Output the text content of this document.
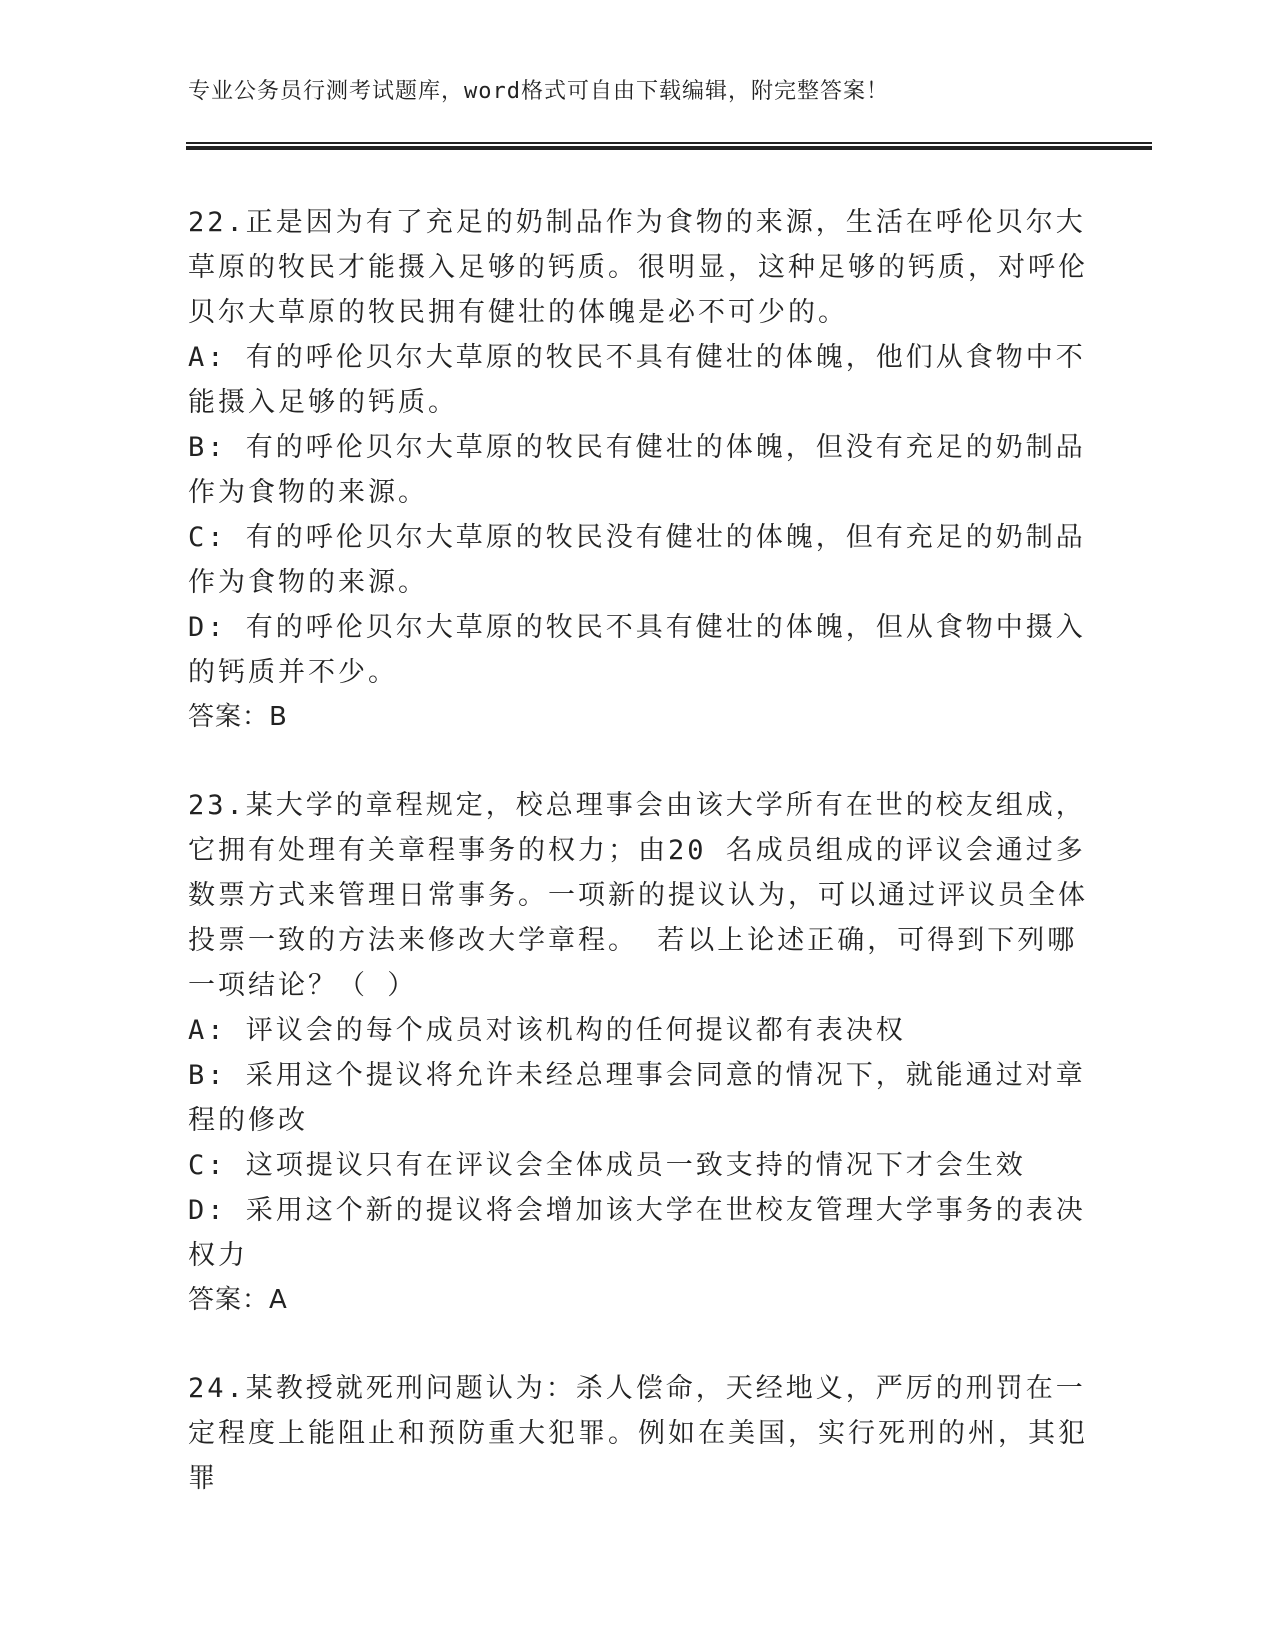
专业公务员行测考试题库，word格式可自由下载编辑，附完整答案！

22.正是因为有了充足的奶制品作为食物的来源，生活在呼伦贝尔大草原的牧民才能摄入足够的钙质。很明显，这种足够的钙质，对呼伦贝尔大草原的牧民拥有健壮的体魄是必不可少的。

A: 有的呼伦贝尔大草原的牧民不具有健壮的体魄，他们从食物中不能摄入足够的钙质。

B: 有的呼伦贝尔大草原的牧民有健壮的体魄，但没有充足的奶制品作为食物的来源。

C: 有的呼伦贝尔大草原的牧民没有健壮的体魄，但有充足的奶制品作为食物的来源。

D: 有的呼伦贝尔大草原的牧民不具有健壮的体魄，但从食物中摄入的钙质并不少。

答案：B

23.某大学的章程规定，校总理事会由该大学所有在世的校友组成，它拥有处理有关章程事务的权力；由20 名成员组成的评议会通过多数票方式来管理日常事务。一项新的提议认为，可以通过评议员全体投票一致的方法来修改大学章程。 若以上论述正确，可得到下列哪一项结论？（ ）

A: 评议会的每个成员对该机构的任何提议都有表决权

B: 采用这个提议将允许未经总理事会同意的情况下，就能通过对章程的修改

C: 这项提议只有在评议会全体成员一致支持的情况下才会生效

D: 采用这个新的提议将会增加该大学在世校友管理大学事务的表决权力

答案：A

24.某教授就死刑问题认为：杀人偿命，天经地义，严厉的刑罚在一定程度上能阻止和预防重大犯罪。例如在美国，实行死刑的州，其犯罪
